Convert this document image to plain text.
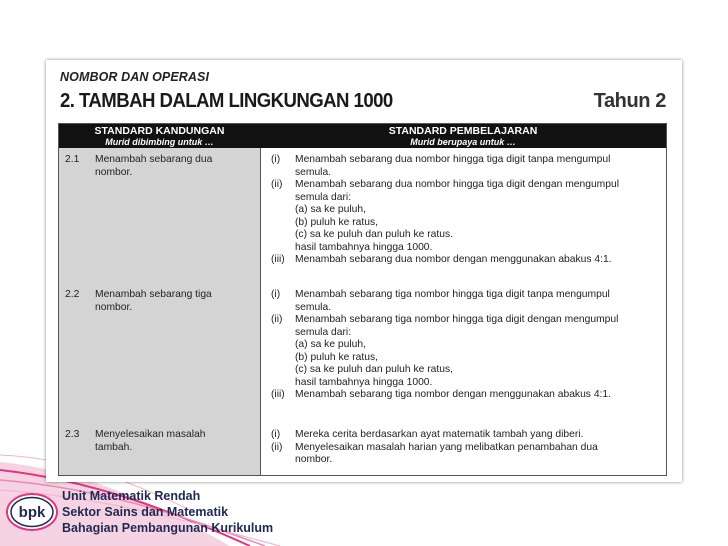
NOMBOR DAN OPERASI
2. TAMBAH DALAM LINGKUNGAN 1000	Tahun 2
STANDARD KANDUNGAN
Murid dibimbing untuk …
STANDARD PEMBELAJARAN
Murid berupaya untuk …
2.1 Menambah sebarang dua nombor.
(i) Menambah sebarang dua nombor hingga tiga digit tanpa mengumpul
semula.
(ii) Menambah sebarang dua nombor hingga tiga digit dengan mengumpul
semula dari:
(a) sa ke puluh,
(b) puluh ke ratus,
(c) sa ke puluh dan puluh ke ratus.
hasil tambahnya hingga 1000.
(iii) Menambah sebarang dua nombor dengan menggunakan abakus 4:1.
2.2 Menambah sebarang tiga nombor.
(i) Menambah sebarang tiga nombor hingga tiga digit tanpa mengumpul
semula.
(ii) Menambah sebarang tiga nombor hingga tiga digit dengan mengumpul
semula dari:
(a) sa ke puluh,
(b) puluh ke ratus,
(c) sa ke puluh dan puluh ke ratus,
hasil tambahnya hingga 1000.
(iii) Menambah sebarang tiga nombor dengan menggunakan abakus 4:1.
2.3 Menyelesaikan masalah tambah.
(i) Mereka cerita berdasarkan ayat matematik tambah yang diberi.
(ii) Menyelesaikan masalah harian yang melibatkan penambahan dua
nombor.
bpk
Unit Matematik Rendah
Sektor Sains dan Matematik
Bahagian Pembangunan Kurikulum
